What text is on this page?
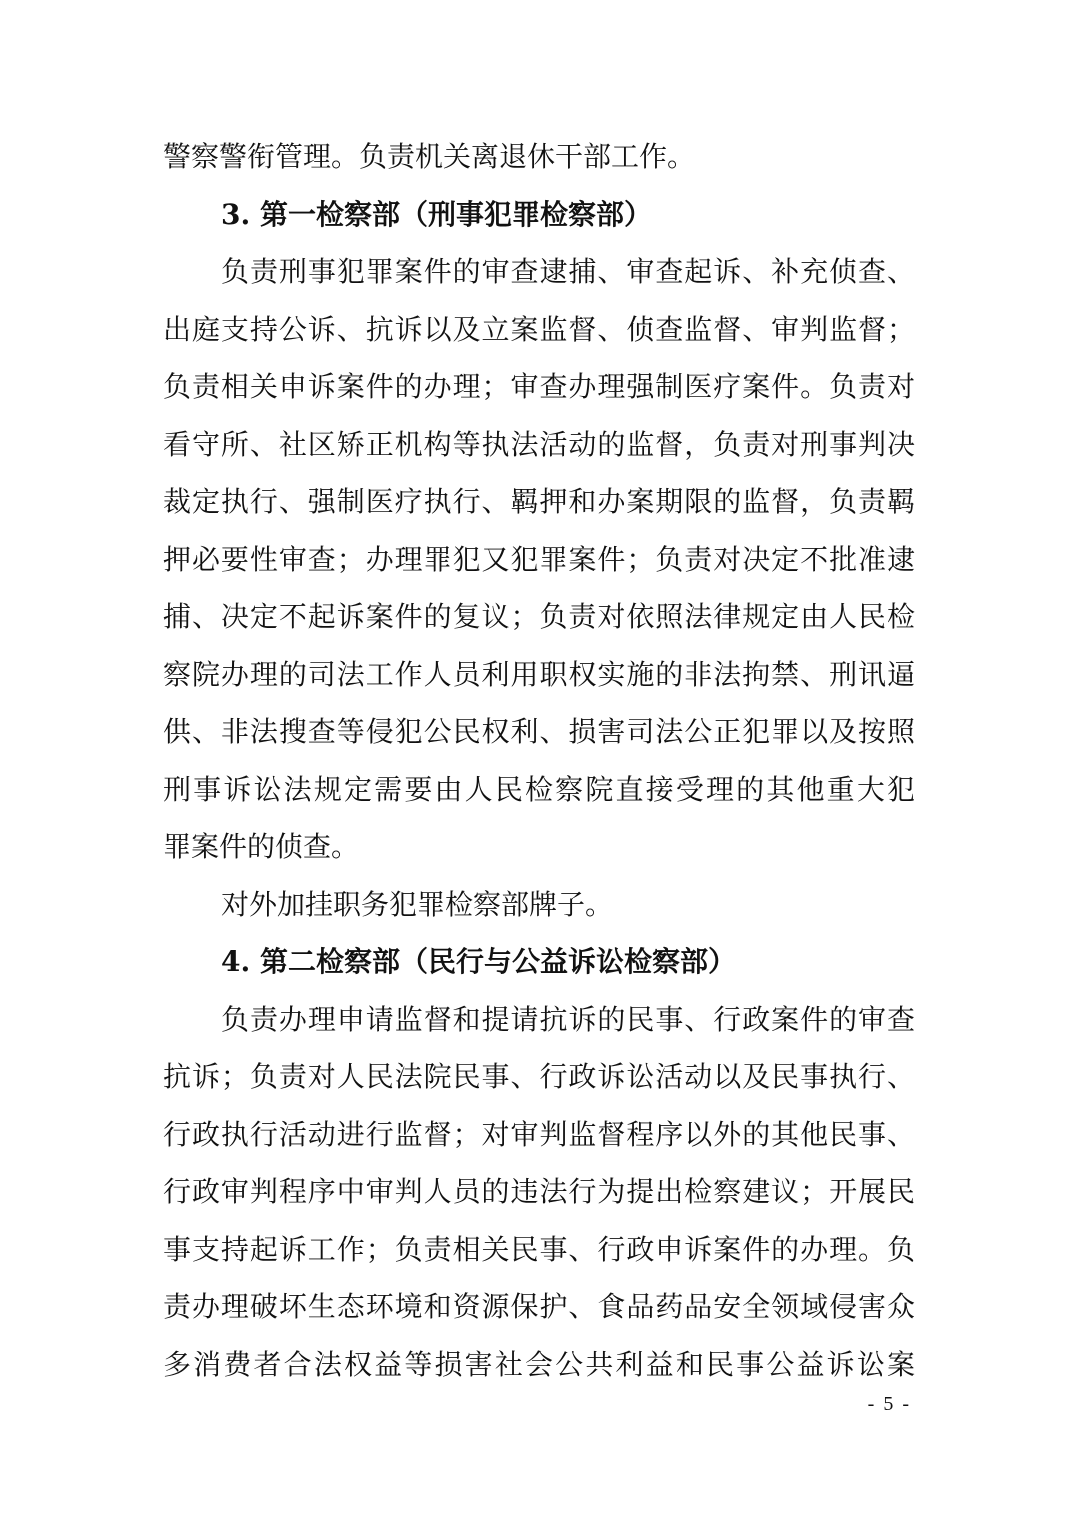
警察警衔管理。负责机关离退休干部工作。
3. 第一检察部（刑事犯罪检察部）
负责刑事犯罪案件的审查逮捕、审查起诉、补充侦查、
出庭支持公诉、抗诉以及立案监督、侦查监督、审判监督；
负责相关申诉案件的办理；审查办理强制医疗案件。负责对
看守所、社区矫正机构等执法活动的监督，负责对刑事判决
裁定执行、强制医疗执行、羁押和办案期限的监督，负责羁
押必要性审查；办理罪犯又犯罪案件；负责对决定不批准逮
捕、决定不起诉案件的复议；负责对依照法律规定由人民检
察院办理的司法工作人员利用职权实施的非法拘禁、刑讯逼
供、非法搜查等侵犯公民权利、损害司法公正犯罪以及按照
刑事诉讼法规定需要由人民检察院直接受理的其他重大犯
罪案件的侦查。
对外加挂职务犯罪检察部牌子。
4. 第二检察部（民行与公益诉讼检察部）
负责办理申请监督和提请抗诉的民事、行政案件的审查
抗诉；负责对人民法院民事、行政诉讼活动以及民事执行、
行政执行活动进行监督；对审判监督程序以外的其他民事、
行政审判程序中审判人员的违法行为提出检察建议；开展民
事支持起诉工作；负责相关民事、行政申诉案件的办理。负
责办理破坏生态环境和资源保护、食品药品安全领域侵害众
多消费者合法权益等损害社会公共利益和民事公益诉讼案
- 5 -
